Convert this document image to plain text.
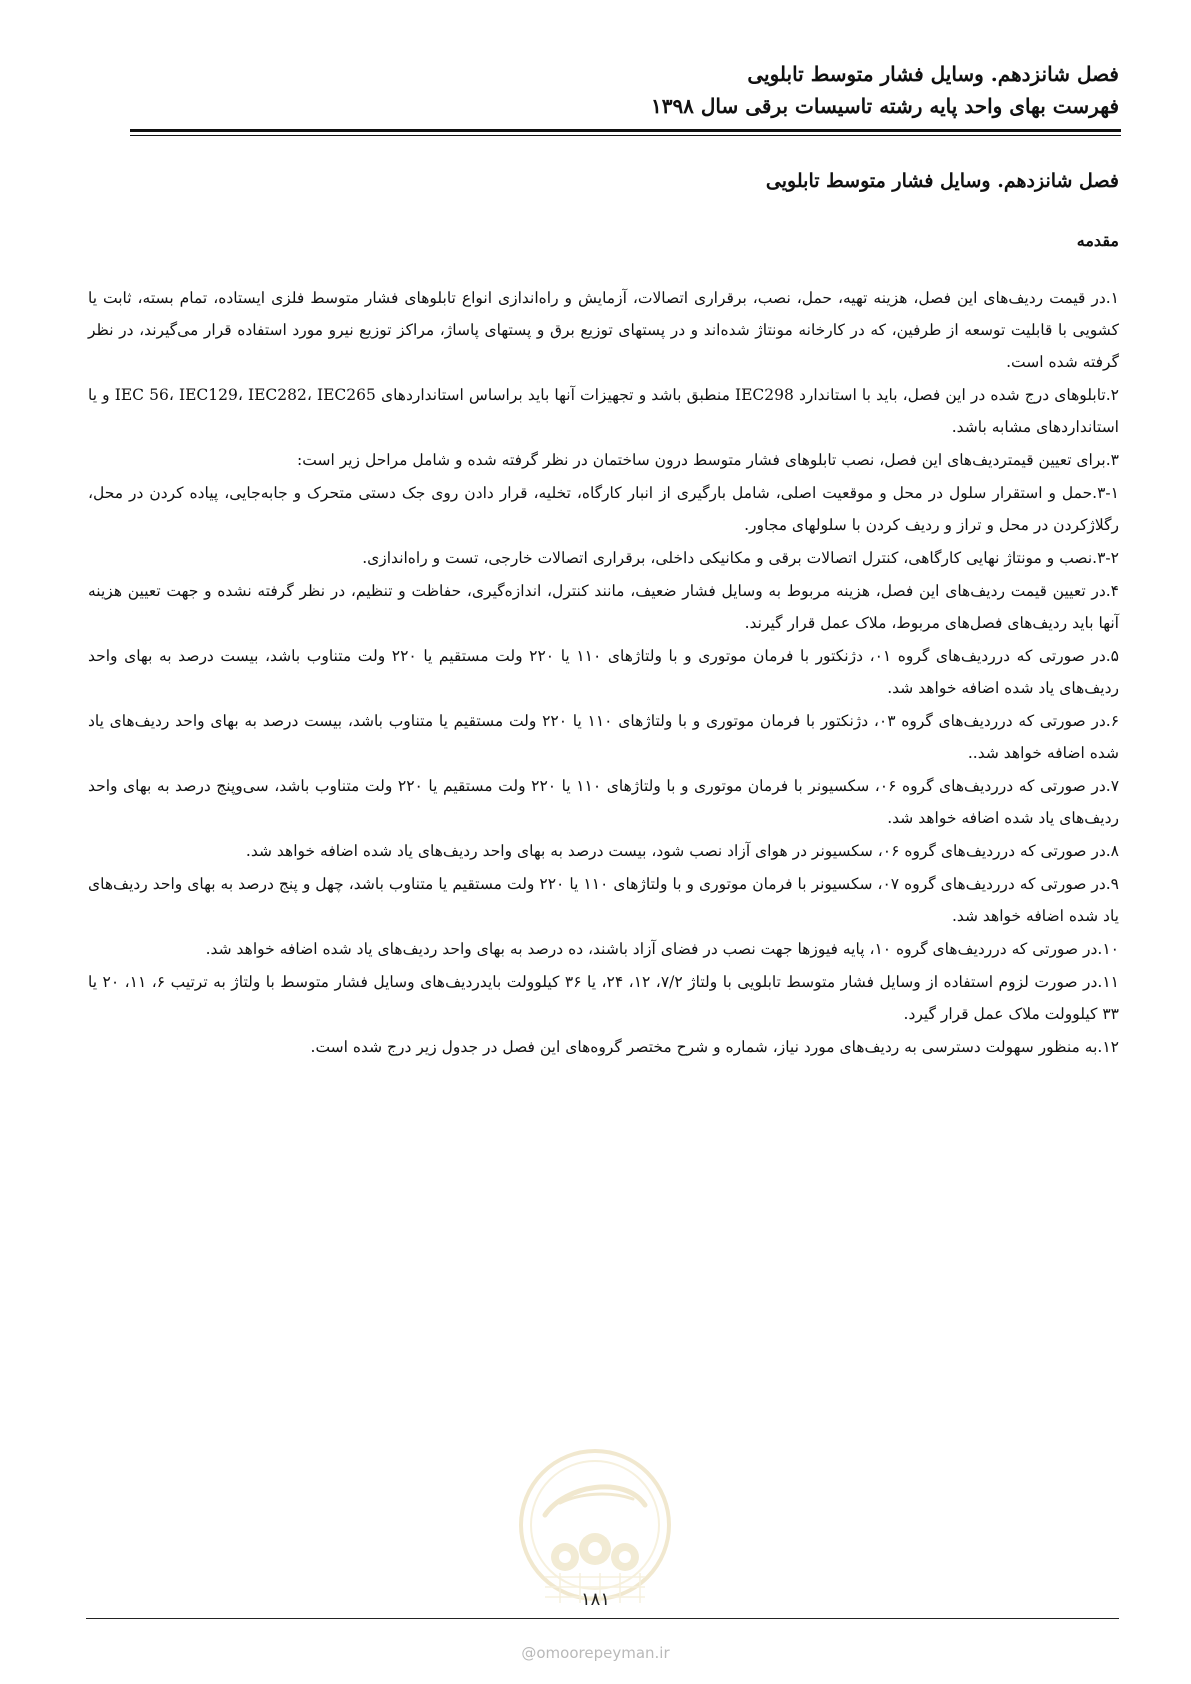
فصل شانزدهم. وسایل فشار متوسط تابلویی
فهرست بهای واحد پایه رشته تاسیسات برقی سال ۱۳۹۸
فصل شانزدهم. وسایل فشار متوسط تابلویی
مقدمه

۱.در قیمت ردیف‌های این فصل، هزینه تهیه، حمل، نصب، برقراری اتصالات، آزمایش و راه‌اندازی انواع تابلوهای فشار متوسط فلزی ایستاده، تمام بسته، ثابت یا کشویی با قابلیت توسعه از طرفین، که در کارخانه مونتاژ شده‌اند و در پستهای توزیع برق و پستهای پاساژ، مراکز توزیع نیرو مورد استفاده قرار می‌گیرند، در نظر گرفته شده است.

۲.تابلوهای درج شده در این فصل، باید با استاندارد IEC298 منطبق باشد و تجهیزات آنها باید براساس استانداردهای IEC 56، IEC129، IEC282، IEC265 و یا استانداردهای مشابه باشد.

۳.برای تعیین قیمتردیف‌های این فصل، نصب تابلوهای فشار متوسط درون ساختمان در نظر گرفته شده و شامل مراحل زیر است:

۳-۱.حمل و استقرار سلول در محل و موقعیت اصلی، شامل بارگیری از انبار کارگاه، تخلیه، قرار دادن روی جک دستی متحرک و جابه‌جایی، پیاده کردن در محل، رگلاژکردن در محل و تراز و ردیف کردن با سلولهای مجاور.

۳-۲.نصب و مونتاژ نهایی کارگاهی، کنترل اتصالات برقی و مکانیکی داخلی، برقراری اتصالات خارجی، تست و راه‌اندازی.

۴.در تعیین قیمت ردیف‌های این فصل، هزینه مربوط به وسایل فشار ضعیف، مانند کنترل، اندازه‌گیری، حفاظت و تنظیم، در نظر گرفته نشده و جهت تعیین هزینه آنها باید ردیف‌های فصل‌های مربوط، ملاک عمل قرار گیرند.

۵.در صورتی که درردیف‌های گروه ۰۱، دژنکتور با فرمان موتوری و با ولتاژهای ۱۱۰ یا ۲۲۰ ولت مستقیم یا ۲۲۰ ولت متناوب باشد، بیست درصد به بهای واحد ردیف‌های یاد شده اضافه خواهد شد.

۶.در صورتی که درردیف‌های گروه ۰۳، دژنکتور با فرمان موتوری و با ولتاژهای ۱۱۰ یا ۲۲۰ ولت مستقیم یا متناوب باشد، بیست درصد به بهای واحد ردیف‌های یاد شده اضافه خواهد شد..

۷.در صورتی که درردیف‌های گروه ۰۶، سکسیونر با فرمان موتوری و با ولتاژهای ۱۱۰ یا ۲۲۰ ولت مستقیم یا ۲۲۰ ولت متناوب باشد، سی‌وپنج درصد به بهای واحد ردیف‌های یاد شده اضافه خواهد شد.

۸.در صورتی که درردیف‌های گروه ۰۶، سکسیونر در هوای آزاد نصب شود، بیست درصد به بهای واحد ردیف‌های یاد شده اضافه خواهد شد.

۹.در صورتی که درردیف‌های گروه ۰۷، سکسیونر با فرمان موتوری و با ولتاژهای ۱۱۰ یا ۲۲۰ ولت مستقیم یا متناوب باشد، چهل و پنج درصد به بهای واحد ردیف‌های یاد شده اضافه خواهد شد.

۱۰.در صورتی که درردیف‌های گروه ۱۰، پایه فیوزها جهت نصب در فضای آزاد باشند، ده درصد به بهای واحد ردیف‌های یاد شده اضافه خواهد شد.

۱۱.در صورت لزوم استفاده از وسایل فشار متوسط تابلویی با ولتاژ ۷/۲، ۱۲، ۲۴، یا ۳۶ کیلوولت بایدردیف‌های وسایل فشار متوسط با ولتاژ به ترتیب ۶، ۱۱، ۲۰ یا ۳۳ کیلوولت ملاک عمل قرار گیرد.

۱۲.به منظور سهولت دسترسی به ردیف‌های مورد نیاز، شماره و شرح مختصر گروه‌های این فصل در جدول زیر درج شده است.

۱۸۱
@omoorepeyman.ir
